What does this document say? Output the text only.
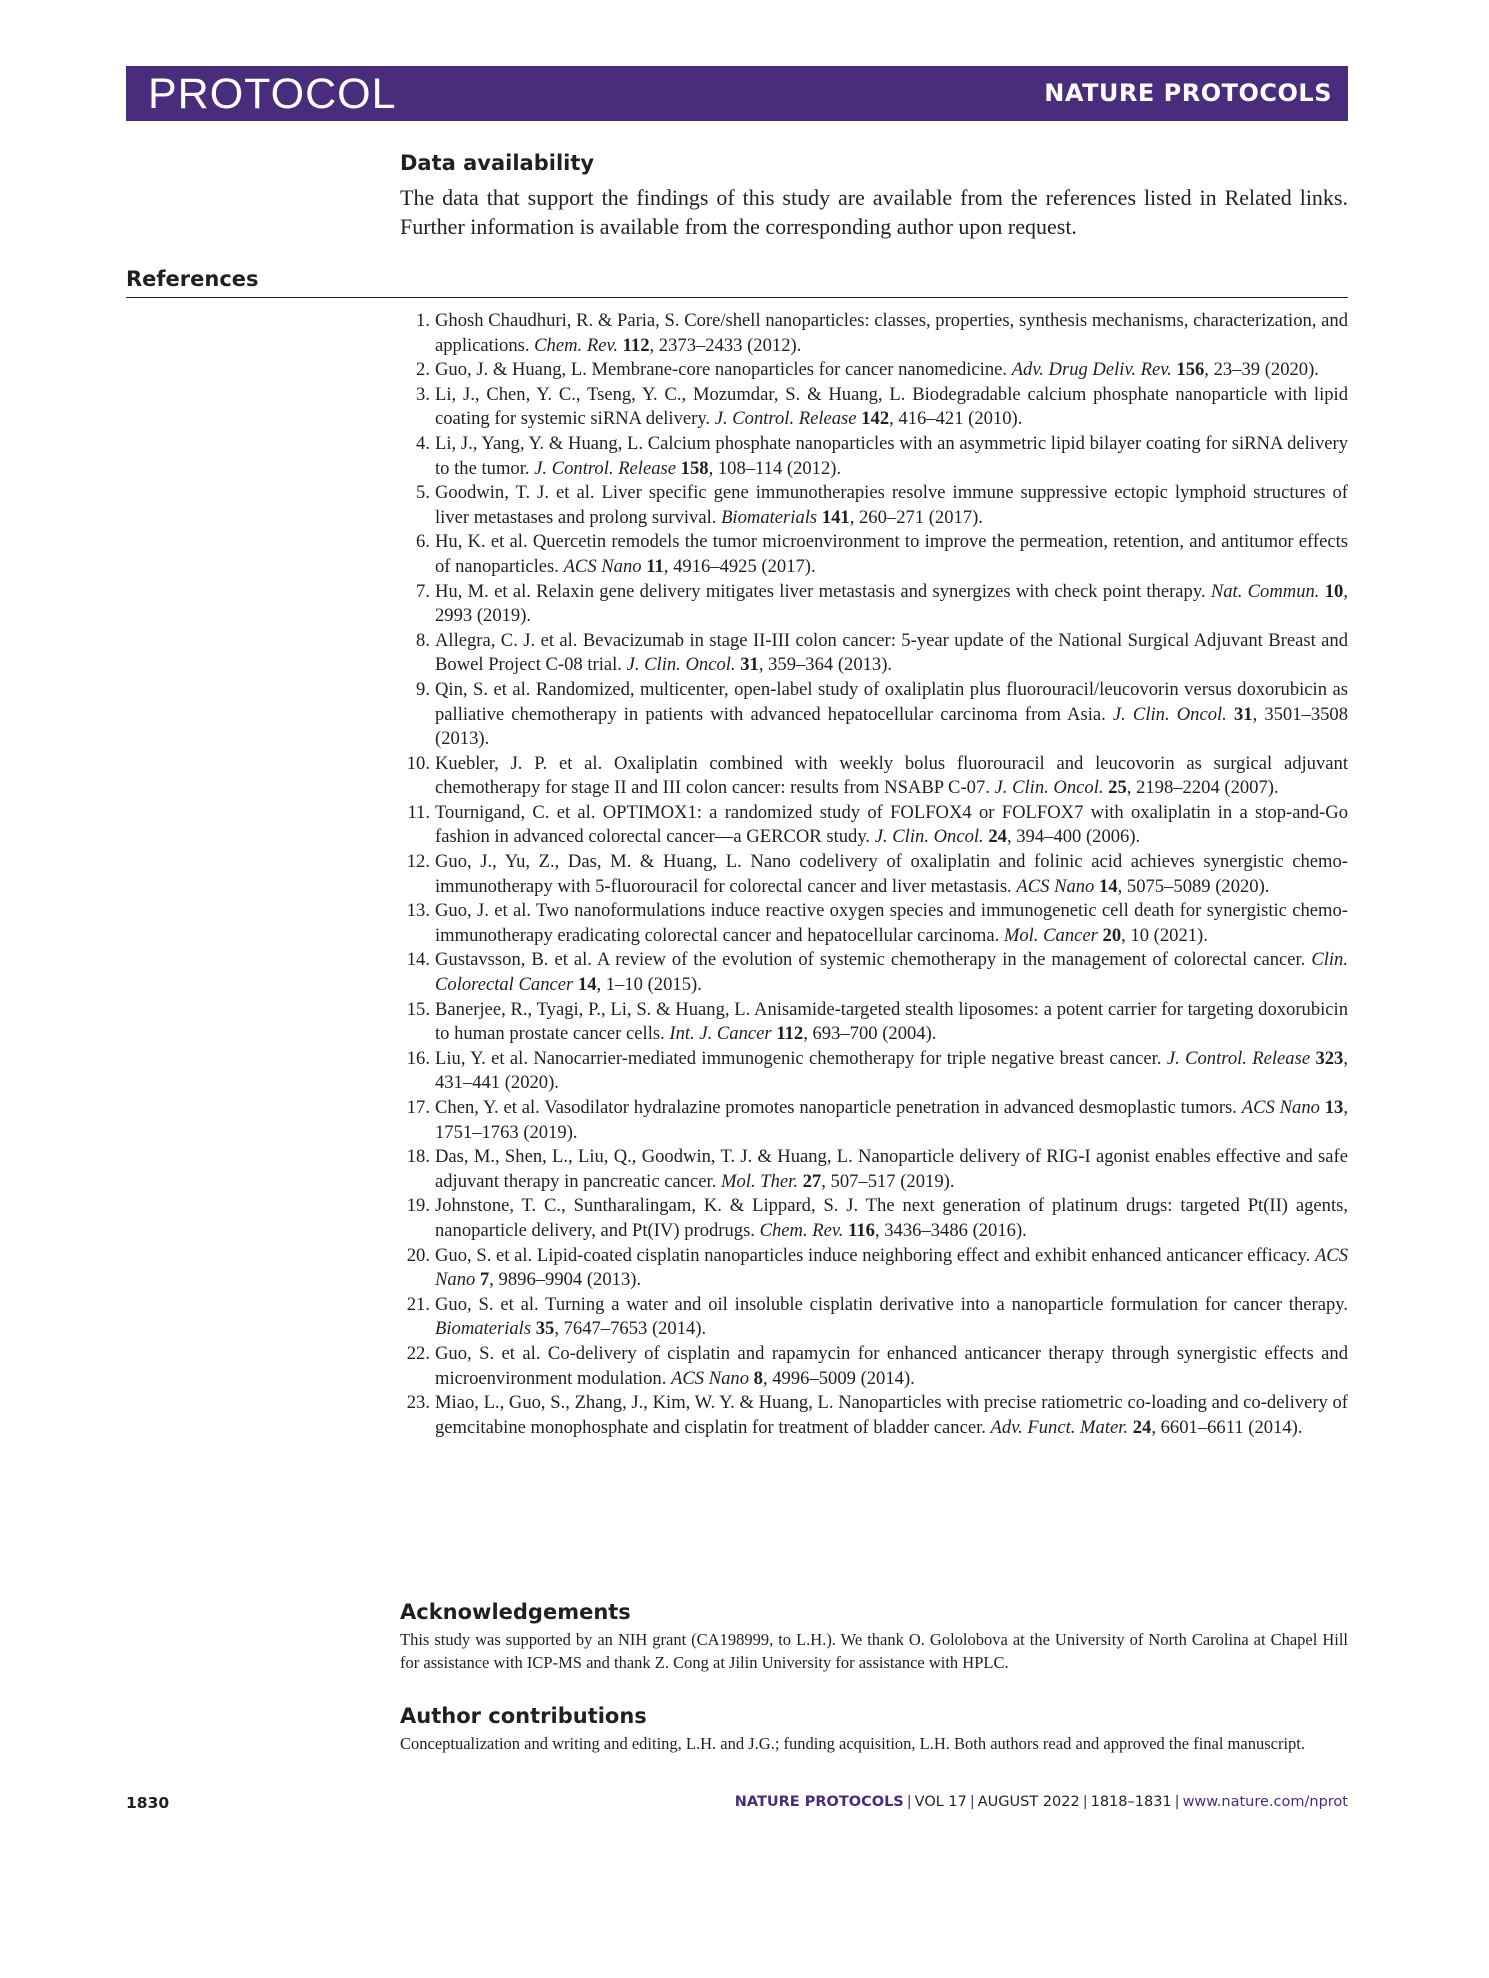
PROTOCOL	NATURE PROTOCOLS
Data availability
The data that support the findings of this study are available from the references listed in Related links. Further information is available from the corresponding author upon request.
References
1. Ghosh Chaudhuri, R. & Paria, S. Core/shell nanoparticles: classes, properties, synthesis mechanisms, characterization, and applications. Chem. Rev. 112, 2373–2433 (2012).
2. Guo, J. & Huang, L. Membrane-core nanoparticles for cancer nanomedicine. Adv. Drug Deliv. Rev. 156, 23–39 (2020).
3. Li, J., Chen, Y. C., Tseng, Y. C., Mozumdar, S. & Huang, L. Biodegradable calcium phosphate nanoparticle with lipid coating for systemic siRNA delivery. J. Control. Release 142, 416–421 (2010).
4. Li, J., Yang, Y. & Huang, L. Calcium phosphate nanoparticles with an asymmetric lipid bilayer coating for siRNA delivery to the tumor. J. Control. Release 158, 108–114 (2012).
5. Goodwin, T. J. et al. Liver specific gene immunotherapies resolve immune suppressive ectopic lymphoid structures of liver metastases and prolong survival. Biomaterials 141, 260–271 (2017).
6. Hu, K. et al. Quercetin remodels the tumor microenvironment to improve the permeation, retention, and antitumor effects of nanoparticles. ACS Nano 11, 4916–4925 (2017).
7. Hu, M. et al. Relaxin gene delivery mitigates liver metastasis and synergizes with check point therapy. Nat. Commun. 10, 2993 (2019).
8. Allegra, C. J. et al. Bevacizumab in stage II-III colon cancer: 5-year update of the National Surgical Adjuvant Breast and Bowel Project C-08 trial. J. Clin. Oncol. 31, 359–364 (2013).
9. Qin, S. et al. Randomized, multicenter, open-label study of oxaliplatin plus fluorouracil/leucovorin versus doxorubicin as palliative chemotherapy in patients with advanced hepatocellular carcinoma from Asia. J. Clin. Oncol. 31, 3501–3508 (2013).
10. Kuebler, J. P. et al. Oxaliplatin combined with weekly bolus fluorouracil and leucovorin as surgical adjuvant chemotherapy for stage II and III colon cancer: results from NSABP C-07. J. Clin. Oncol. 25, 2198–2204 (2007).
11. Tournigand, C. et al. OPTIMOX1: a randomized study of FOLFOX4 or FOLFOX7 with oxaliplatin in a stop-and-Go fashion in advanced colorectal cancer—a GERCOR study. J. Clin. Oncol. 24, 394–400 (2006).
12. Guo, J., Yu, Z., Das, M. & Huang, L. Nano codelivery of oxaliplatin and folinic acid achieves synergistic chemo-immunotherapy with 5-fluorouracil for colorectal cancer and liver metastasis. ACS Nano 14, 5075–5089 (2020).
13. Guo, J. et al. Two nanoformulations induce reactive oxygen species and immunogenetic cell death for synergistic chemo-immunotherapy eradicating colorectal cancer and hepatocellular carcinoma. Mol. Cancer 20, 10 (2021).
14. Gustavsson, B. et al. A review of the evolution of systemic chemotherapy in the management of colorectal cancer. Clin. Colorectal Cancer 14, 1–10 (2015).
15. Banerjee, R., Tyagi, P., Li, S. & Huang, L. Anisamide-targeted stealth liposomes: a potent carrier for targeting doxorubicin to human prostate cancer cells. Int. J. Cancer 112, 693–700 (2004).
16. Liu, Y. et al. Nanocarrier-mediated immunogenic chemotherapy for triple negative breast cancer. J. Control. Release 323, 431–441 (2020).
17. Chen, Y. et al. Vasodilator hydralazine promotes nanoparticle penetration in advanced desmoplastic tumors. ACS Nano 13, 1751–1763 (2019).
18. Das, M., Shen, L., Liu, Q., Goodwin, T. J. & Huang, L. Nanoparticle delivery of RIG-I agonist enables effective and safe adjuvant therapy in pancreatic cancer. Mol. Ther. 27, 507–517 (2019).
19. Johnstone, T. C., Suntharalingam, K. & Lippard, S. J. The next generation of platinum drugs: targeted Pt(II) agents, nanoparticle delivery, and Pt(IV) prodrugs. Chem. Rev. 116, 3436–3486 (2016).
20. Guo, S. et al. Lipid-coated cisplatin nanoparticles induce neighboring effect and exhibit enhanced anticancer efficacy. ACS Nano 7, 9896–9904 (2013).
21. Guo, S. et al. Turning a water and oil insoluble cisplatin derivative into a nanoparticle formulation for cancer therapy. Biomaterials 35, 7647–7653 (2014).
22. Guo, S. et al. Co-delivery of cisplatin and rapamycin for enhanced anticancer therapy through synergistic effects and microenvironment modulation. ACS Nano 8, 4996–5009 (2014).
23. Miao, L., Guo, S., Zhang, J., Kim, W. Y. & Huang, L. Nanoparticles with precise ratiometric co-loading and co-delivery of gemcitabine monophosphate and cisplatin for treatment of bladder cancer. Adv. Funct. Mater. 24, 6601–6611 (2014).
Acknowledgements
This study was supported by an NIH grant (CA198999, to L.H.). We thank O. Gololobova at the University of North Carolina at Chapel Hill for assistance with ICP-MS and thank Z. Cong at Jilin University for assistance with HPLC.
Author contributions
Conceptualization and writing and editing, L.H. and J.G.; funding acquisition, L.H. Both authors read and approved the final manuscript.
1830	NATURE PROTOCOLS | VOL 17 | AUGUST 2022 | 1818–1831 | www.nature.com/nprot
